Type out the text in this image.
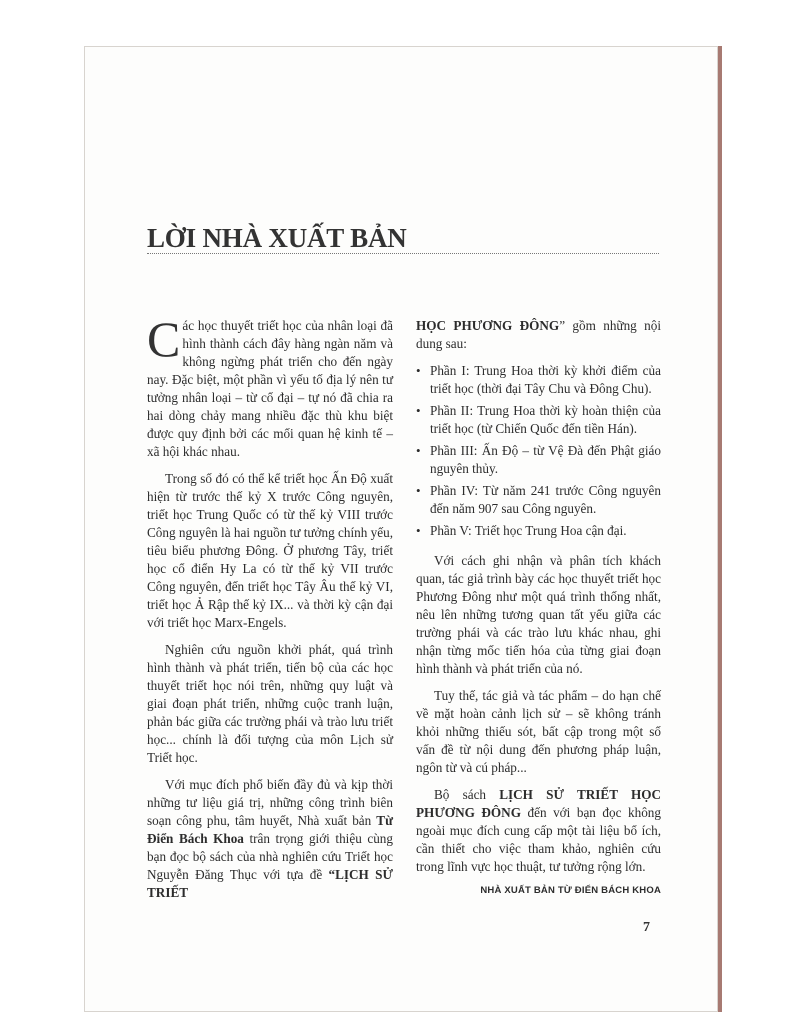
LỜI NHÀ XUẤT BẢN

Các học thuyết triết học của nhân loại đã hình thành cách đây hàng ngàn năm và không ngừng phát triển cho đến ngày nay. Đặc biệt, một phần vì yếu tố địa lý nên tư tưởng nhân loại – từ cổ đại – tự nó đã chia ra hai dòng chảy mang nhiều đặc thù khu biệt được quy định bởi các mối quan hệ kinh tế – xã hội khác nhau.

Trong số đó có thể kể triết học Ấn Độ xuất hiện từ trước thế kỷ X trước Công nguyên, triết học Trung Quốc có từ thế kỷ VIII trước Công nguyên là hai nguồn tư tưởng chính yếu, tiêu biểu phương Đông. Ở phương Tây, triết học cổ điển Hy La có từ thế kỷ VII trước Công nguyên, đến triết học Tây Âu thế kỷ VI, triết học Ả Rập thế kỷ IX... và thời kỳ cận đại với triết học Marx-Engels.

Nghiên cứu nguồn khởi phát, quá trình hình thành và phát triển, tiến bộ của các học thuyết triết học nói trên, những quy luật và giai đoạn phát triển, những cuộc tranh luận, phản bác giữa các trường phái và trào lưu triết học... chính là đối tượng của môn Lịch sử Triết học.

Với mục đích phổ biến đầy đủ và kịp thời những tư liệu giá trị, những công trình biên soạn công phu, tâm huyết, Nhà xuất bản Từ Điển Bách Khoa trân trọng giới thiệu cùng bạn đọc bộ sách của nhà nghiên cứu Triết học Nguyễn Đăng Thục với tựa đề “LỊCH SỬ TRIẾT

HỌC PHƯƠNG ĐÔNG” gồm những nội dung sau:

• Phần I: Trung Hoa thời kỳ khởi điểm của triết học (thời đại Tây Chu và Đông Chu).
• Phần II: Trung Hoa thời kỳ hoàn thiện của triết học (từ Chiến Quốc đến tiền Hán).
• Phần III: Ấn Độ – từ Vệ Đà đến Phật giáo nguyên thủy.
• Phần IV: Từ năm 241 trước Công nguyên đến năm 907 sau Công nguyên.
• Phần V: Triết học Trung Hoa cận đại.

Với cách ghi nhận và phân tích khách quan, tác giả trình bày các học thuyết triết học Phương Đông như một quá trình thống nhất, nêu lên những tương quan tất yếu giữa các trường phái và các trào lưu khác nhau, ghi nhận từng mốc tiến hóa của từng giai đoạn hình thành và phát triển của nó.

Tuy thế, tác giả và tác phẩm – do hạn chế về mặt hoàn cảnh lịch sử – sẽ không tránh khỏi những thiếu sót, bất cập trong một số vấn đề từ nội dung đến phương pháp luận, ngôn từ và cú pháp...

Bộ sách LỊCH SỬ TRIẾT HỌC PHƯƠNG ĐÔNG đến với bạn đọc không ngoài mục đích cung cấp một tài liệu bổ ích, cần thiết cho việc tham khảo, nghiên cứu trong lĩnh vực học thuật, tư tưởng rộng lớn.

NHÀ XUẤT BẢN TỪ ĐIỂN BÁCH KHOA
7
